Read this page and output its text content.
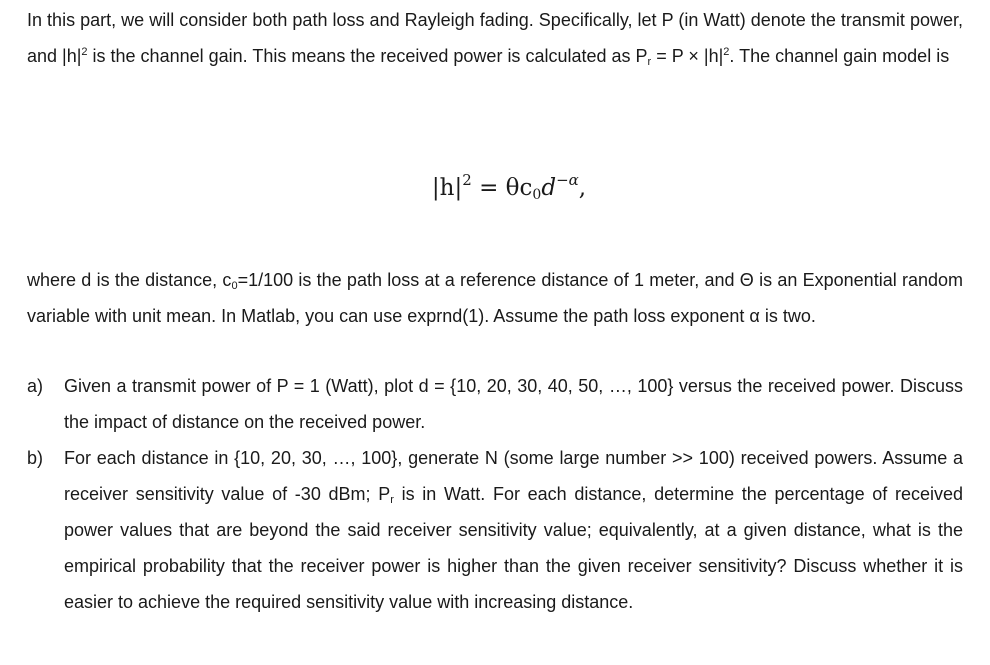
In this part, we will consider both path loss and Rayleigh fading. Specifically, let P (in Watt) denote the transmit power, and $|h|^2$ is the channel gain. This means the received power is calculated as $P_r = P \times |h|^2$. The channel gain model is

$|h|^2 = \theta c_0d^{-\alpha}$,

where d is the distance, $c_0=1/100$ is the path loss at a reference distance of 1 meter, and Θ is an Exponential random variable with unit mean. In Matlab, you can use exprnd(1). Assume the path loss exponent α is two.

a) Given a transmit power of P = 1 (Watt), plot d = {10, 20, 30, 40, 50, …, 100} versus the received power. Discuss the impact of distance on the received power.
b) For each distance in {10, 20, 30, …, 100}, generate N (some large number >> 100) received powers. Assume a receiver sensitivity value of -30 dBm; $P_r$ is in Watt. For each distance, determine the percentage of received power values that are beyond the said receiver sensitivity value; equivalently, at a given distance, what is the empirical probability that the receiver power is higher than the given receiver sensitivity? Discuss whether it is easier to achieve the required sensitivity value with increasing distance.
